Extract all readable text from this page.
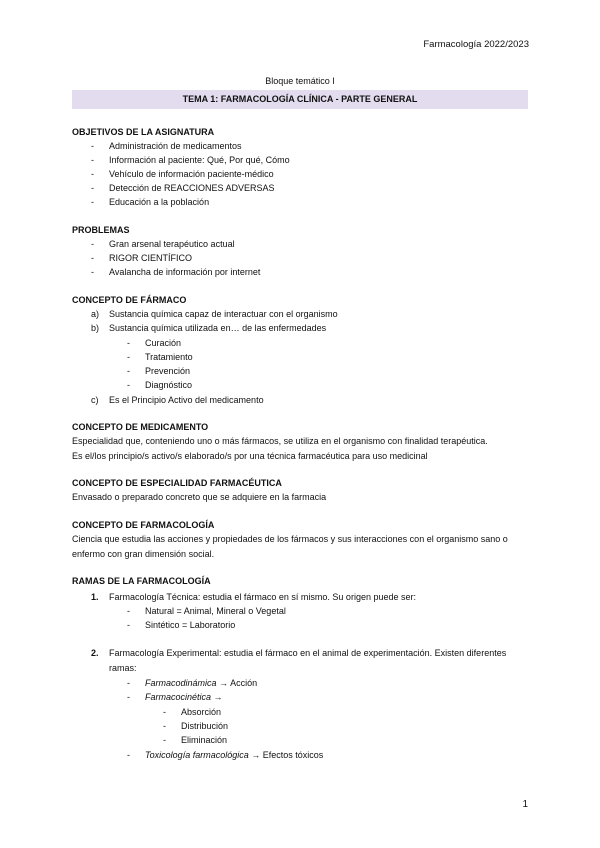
Farmacología 2022/2023
Bloque temático I
TEMA 1: FARMACOLOGÍA CLÍNICA - PARTE GENERAL
OBJETIVOS DE LA ASIGNATURA
- Administración de medicamentos
- Información al paciente: Qué, Por qué, Cómo
- Vehículo de información paciente-médico
- Detección de REACCIONES ADVERSAS
- Educación a la población
PROBLEMAS
- Gran arsenal terapéutico actual
- RIGOR CIENTÍFICO
- Avalancha de información por internet
CONCEPTO DE FÁRMACO
a) Sustancia química capaz de interactuar con el organismo
b) Sustancia química utilizada en… de las enfermedades
- Curación
- Tratamiento
- Prevención
- Diagnóstico
c) Es el Principio Activo del medicamento
CONCEPTO DE MEDICAMENTO
Especialidad que, conteniendo uno o más fármacos, se utiliza en el organismo con finalidad terapéutica.
Es el/los principio/s activo/s elaborado/s por una técnica farmacéutica para uso medicinal
CONCEPTO DE ESPECIALIDAD FARMACÉUTICA
Envasado o preparado concreto que se adquiere en la farmacia
CONCEPTO DE FARMACOLOGÍA
Ciencia que estudia las acciones y propiedades de los fármacos y sus interacciones con el organismo sano o
enfermo con gran dimensión social.
RAMAS DE LA FARMACOLOGÍA
1. Farmacología Técnica: estudia el fármaco en sí mismo. Su origen puede ser:
- Natural = Animal, Mineral o Vegetal
- Sintético = Laboratorio
2. Farmacología Experimental: estudia el fármaco en el animal de experimentación. Existen diferentes
ramas:
- Farmacodinámica → Acción
- Farmacocinética →
- Absorción
- Distribución
- Eliminación
- Toxicología farmacológica → Efectos tóxicos
1
